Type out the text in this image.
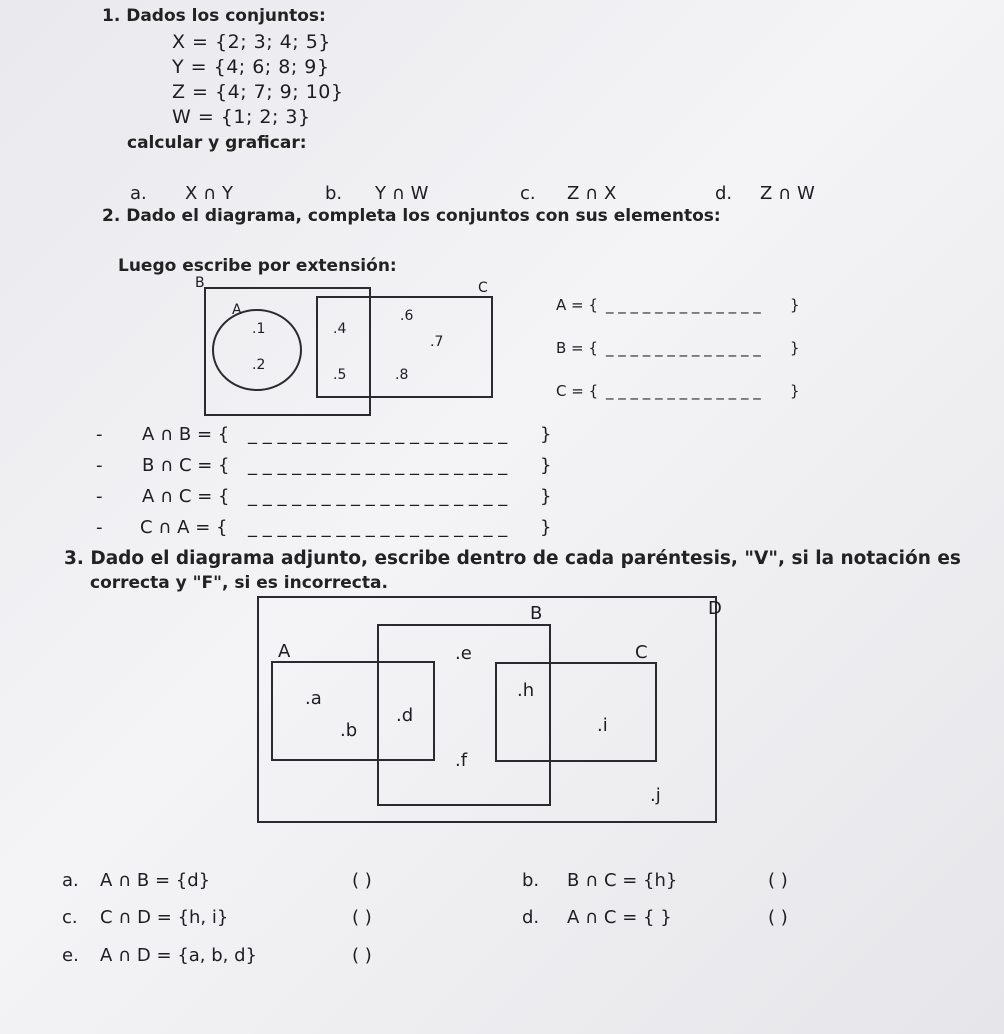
1. Dados los conjuntos:
X = {2; 3; 4; 5}
Y = {4; 6; 8; 9}
Z = {4; 7; 9; 10}
W = {1; 2; 3}
calcular y graficar:
a. X ∩ Y	b. Y ∩ W	c. Z ∩ X	d. Z ∩ W
2. Dado el diagrama, completa los conjuntos con sus elementos:
Luego escribe por extensión:
B	C
A
.1
.2
.4
.5
.6
.7
.8
A = { _ _ _ _ _ _ _ _ _ _ _ _ _ }
B = { _ _ _ _ _ _ _ _ _ _ _ _ _ }
C = { _ _ _ _ _ _ _ _ _ _ _ _ _ }
- A ∩ B = { _ _ _ _ _ _ _ _ _ _ _ _ _ _ _ _ _ _ }
- B ∩ C = { _ _ _ _ _ _ _ _ _ _ _ _ _ _ _ _ _ _ }
- A ∩ C = { _ _ _ _ _ _ _ _ _ _ _ _ _ _ _ _ _ _ }
- C ∩ A = { _ _ _ _ _ _ _ _ _ _ _ _ _ _ _ _ _ _ }
3. Dado el diagrama adjunto, escribe dentro de cada paréntesis, "V", si la notación es
correcta y "F", si es incorrecta.
B	D
A	C
.a
.b
.d
.e
.f
.h
.i
.j
a. A ∩ B = {d}	( )	b. B ∩ C = {h}	( )
c. C ∩ D = {h, i}	( )	d. A ∩ C = { }	( )
e. A ∩ D = {a, b, d}	( )
